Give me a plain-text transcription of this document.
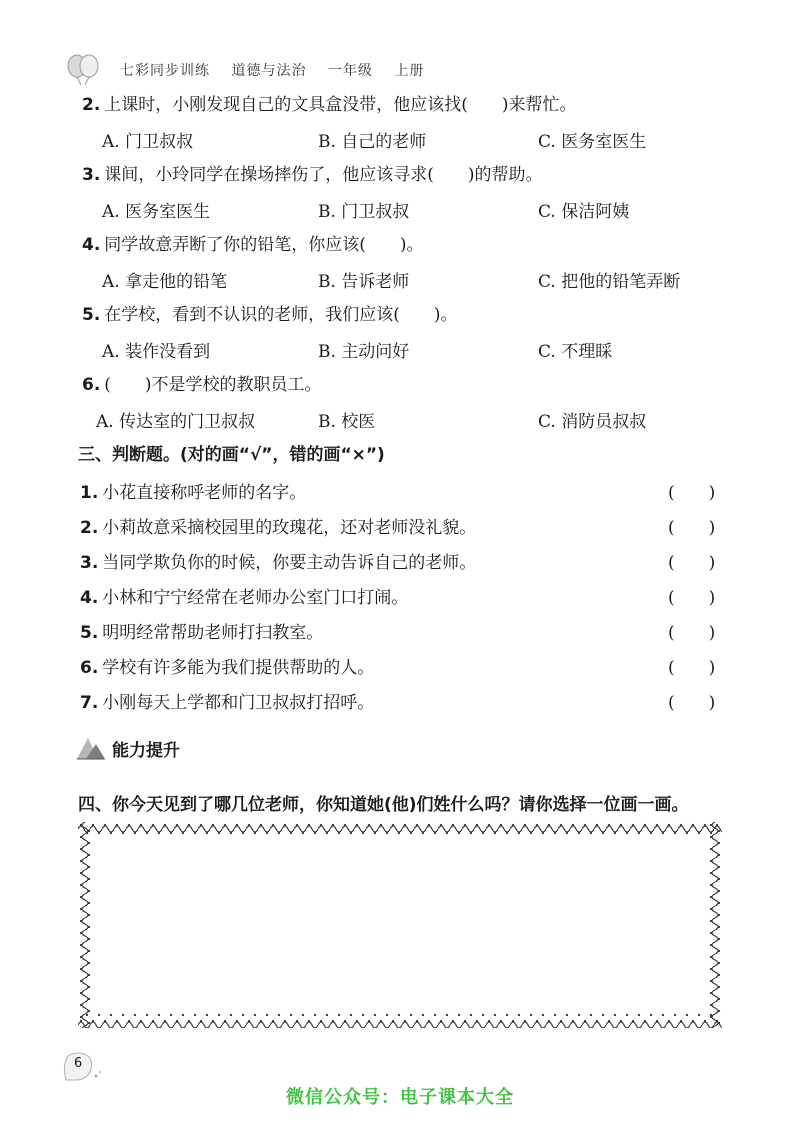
七彩同步训练 道德与法治 一年级 上册
2. 上课时，小刚发现自己的文具盒没带，他应该找(　　)来帮忙。
A. 门卫叔叔	B. 自己的老师	C. 医务室医生
3. 课间，小玲同学在操场摔伤了，他应该寻求(　　)的帮助。
A. 医务室医生	B. 门卫叔叔	C. 保洁阿姨
4. 同学故意弄断了你的铅笔，你应该(　　)。
A. 拿走他的铅笔	B. 告诉老师	C. 把他的铅笔弄断
5. 在学校，看到不认识的老师，我们应该(　　)。
A. 装作没看到	B. 主动问好	C. 不理睬
6. (　　)不是学校的教职员工。
A. 传达室的门卫叔叔	B. 校医	C. 消防员叔叔
三、判断题。(对的画“√”，错的画“×”)
1. 小花直接称呼老师的名字。	(　　)
2. 小莉故意采摘校园里的玫瑰花，还对老师没礼貌。	(　　)
3. 当同学欺负你的时候，你要主动告诉自己的老师。	(　　)
4. 小林和宁宁经常在老师办公室门口打闹。	(　　)
5. 明明经常帮助老师打扫教室。	(　　)
6. 学校有许多能为我们提供帮助的人。	(　　)
7. 小刚每天上学都和门卫叔叔打招呼。	(　　)
能力提升
四、你今天见到了哪几位老师，你知道她(他)们姓什么吗？请你选择一位画一画。
6
微信公众号：电子课本大全
